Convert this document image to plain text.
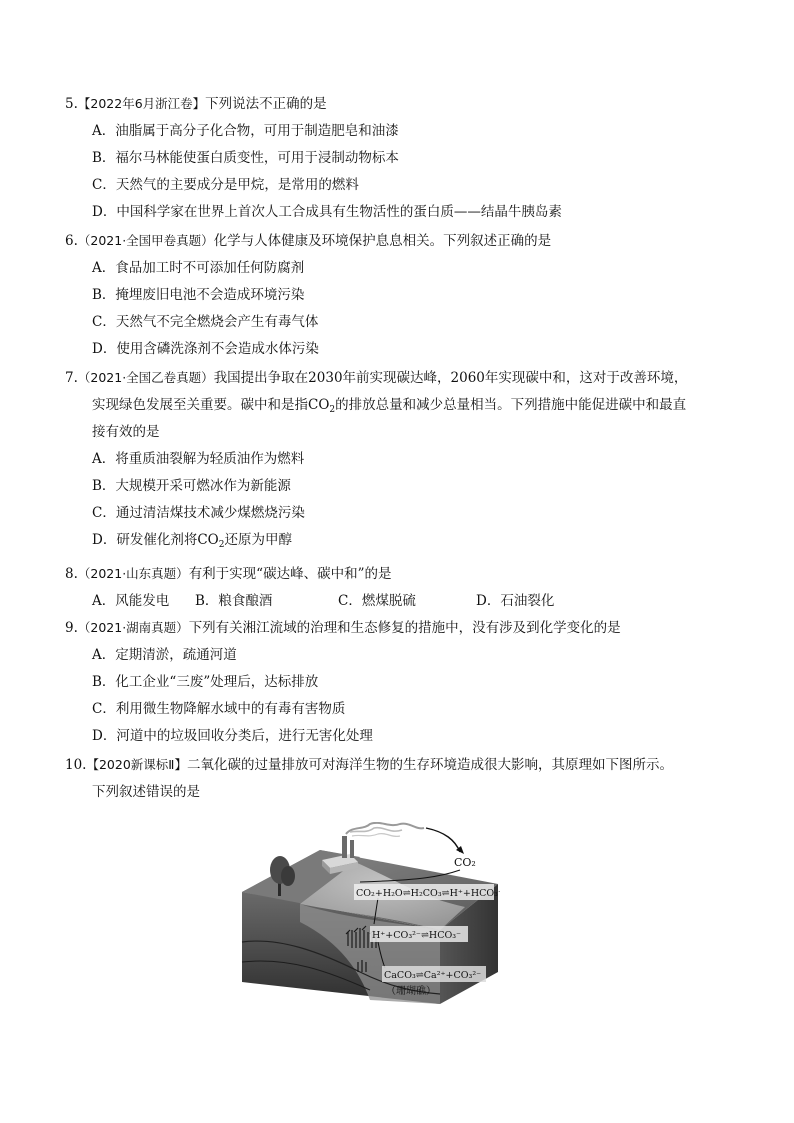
5.【2022年6月浙江卷】下列说法不正确的是
A．油脂属于高分子化合物，可用于制造肥皂和油漆
B．福尔马林能使蛋白质变性，可用于浸制动物标本
C．天然气的主要成分是甲烷，是常用的燃料
D．中国科学家在世界上首次人工合成具有生物活性的蛋白质——结晶牛胰岛素
6.（2021·全国甲卷真题）化学与人体健康及环境保护息息相关。下列叙述正确的是
A．食品加工时不可添加任何防腐剂
B．掩埋废旧电池不会造成环境污染
C．天然气不完全燃烧会产生有毒气体
D．使用含磷洗涤剂不会造成水体污染
7.（2021·全国乙卷真题）我国提出争取在2030年前实现碳达峰，2060年实现碳中和，这对于改善环境，
实现绿色发展至关重要。碳中和是指$CO_2$的排放总量和减少总量相当。下列措施中能促进碳中和最直
接有效的是
A．将重质油裂解为轻质油作为燃料
B．大规模开采可燃冰作为新能源
C．通过清洁煤技术减少煤燃烧污染
D．研发催化剂将$CO_2$还原为甲醇
8.（2021·山东真题）有利于实现“碳达峰、碳中和”的是
A．风能发电 B．粮食酿酒	C．燃煤脱硫	D．石油裂化
9.（2021·湖南真题）下列有关湘江流域的治理和生态修复的措施中，没有涉及到化学变化的是
A．定期清淤，疏通河道
B．化工企业“三废”处理后，达标排放
C．利用微生物降解水域中的有毒有害物质
D．河道中的垃圾回收分类后，进行无害化处理
10.【2020新课标Ⅱ】二氧化碳的过量排放可对海洋生物的生存环境造成很大影响，其原理如下图所示。
下列叙述错误的是
CO₂
CO₂+H₂O⇌H₂CO₃⇌H⁺+HCO₃⁻
H⁺+CO₃²⁻⇌HCO₃⁻
CaCO₃⇌Ca²⁺+CO₃²⁻
（珊瑚礁）
